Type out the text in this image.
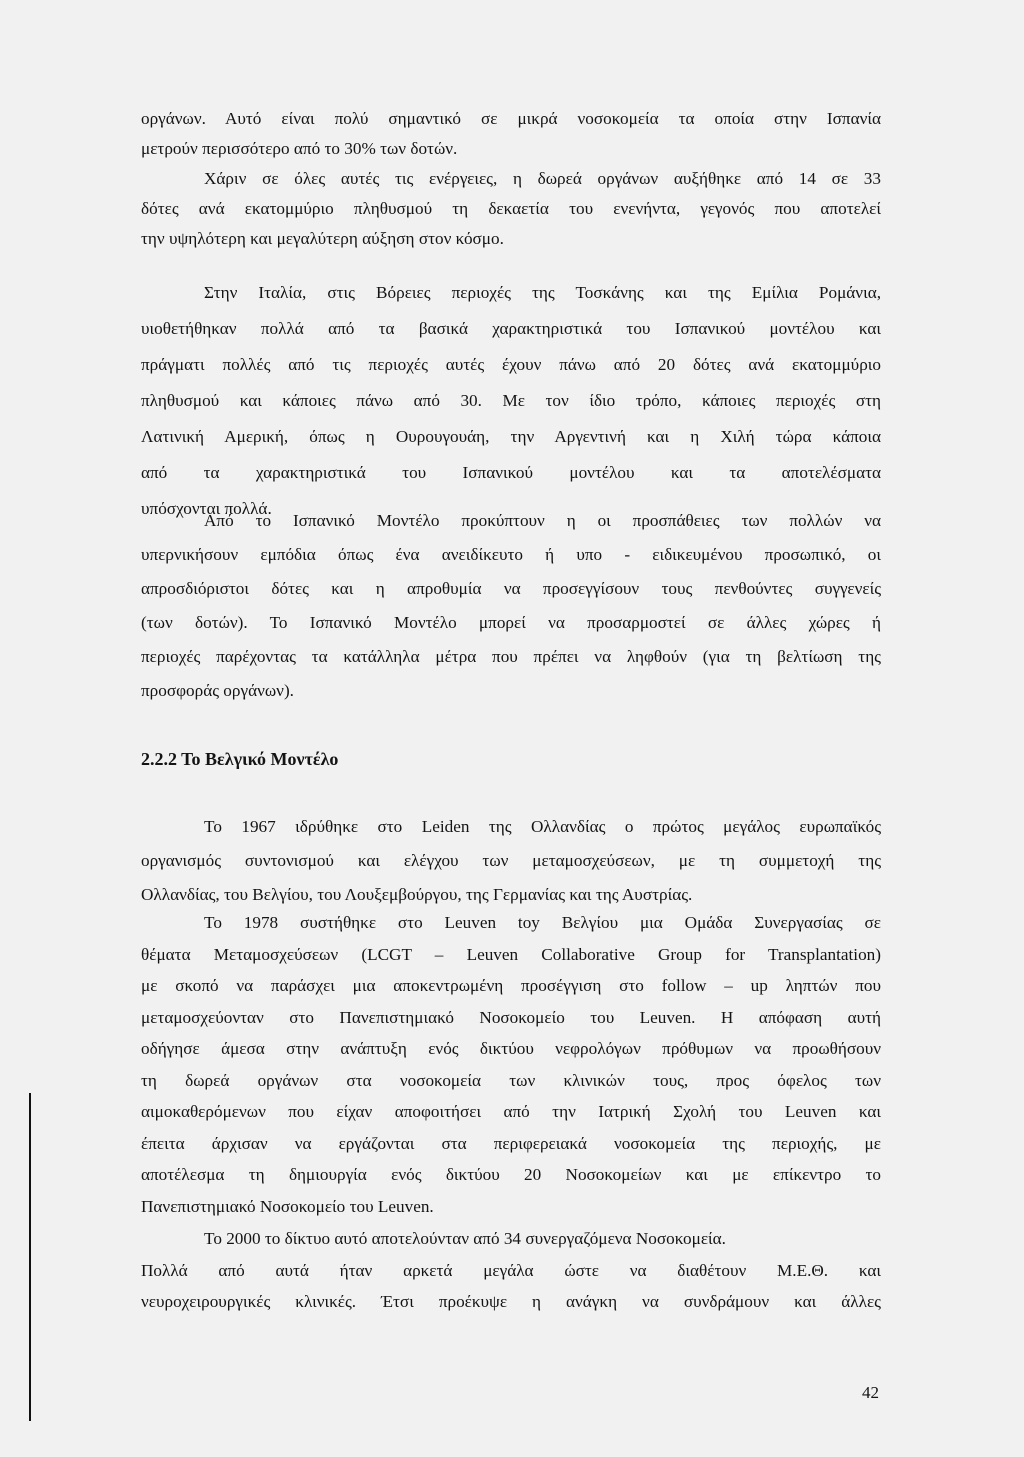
οργάνων. Αυτό είναι πολύ σημαντικό σε μικρά νοσοκομεία τα οποία στην Ισπανία
μετρούν περισσότερο από το 30% των δοτών.
Χάριν σε όλες αυτές τις ενέργειες, η δωρεά οργάνων αυξήθηκε από 14 σε 33
δότες ανά εκατομμύριο πληθυσμού τη δεκαετία του ενενήντα, γεγονός που αποτελεί
την υψηλότερη και μεγαλύτερη αύξηση στον κόσμο.
Στην Ιταλία, στις Βόρειες περιοχές της Τοσκάνης και της Εμίλια Ρομάνια,
υιοθετήθηκαν πολλά από τα βασικά χαρακτηριστικά του Ισπανικού μοντέλου και
πράγματι πολλές από τις περιοχές αυτές έχουν πάνω από 20 δότες ανά εκατομμύριο
πληθυσμού και κάποιες πάνω από 30. Με τον ίδιο τρόπο, κάποιες περιοχές στη
Λατινική Αμερική, όπως η Ουρουγουάη, την Αργεντινή και η Χιλή τώρα κάποια
από τα χαρακτηριστικά του Ισπανικού μοντέλου και τα αποτελέσματα
υπόσχονται πολλά.
Από το Ισπανικό Μοντέλο προκύπτουν η οι προσπάθειες των πολλών να
υπερνικήσουν εμπόδια όπως ένα ανειδίκευτο ή υπο - ειδικευμένου προσωπικό, οι
απροσδιόριστοι δότες και η απροθυμία να προσεγγίσουν τους πενθούντες συγγενείς
(των δοτών). Το Ισπανικό Μοντέλο μπορεί να προσαρμοστεί σε άλλες χώρες ή
περιοχές παρέχοντας τα κατάλληλα μέτρα που πρέπει να ληφθούν (για τη βελτίωση της
προσφοράς οργάνων).
2.2.2 Το Βελγικό Μοντέλο
Το 1967 ιδρύθηκε στο Leiden της Ολλανδίας ο πρώτος μεγάλος ευρωπαϊκός
οργανισμός συντονισμού και ελέγχου των μεταμοσχεύσεων, με τη συμμετοχή της
Ολλανδίας, του Βελγίου, του Λουξεμβούργου, της Γερμανίας και της Αυστρίας.
Το 1978 συστήθηκε στο Leuven toy Βελγίου μια Ομάδα Συνεργασίας σε
θέματα Μεταμοσχεύσεων (LCGT – Leuven Collaborative Group for Transplantation)
με σκοπό να παράσχει μια αποκεντρωμένη προσέγγιση στο follow – up ληπτών που
μεταμοσχεύονταν στο Πανεπιστημιακό Νοσοκομείο του Leuven. Η απόφαση αυτή
οδήγησε άμεσα στην ανάπτυξη ενός δικτύου νεφρολόγων πρόθυμων να προωθήσουν
τη δωρεά οργάνων στα νοσοκομεία των κλινικών τους, προς όφελος των
αιμοκαθερόμενων που είχαν αποφοιτήσει από την Ιατρική Σχολή του Leuven και
έπειτα άρχισαν να εργάζονται στα περιφερειακά νοσοκομεία της περιοχής, με
αποτέλεσμα τη δημιουργία ενός δικτύου 20 Νοσοκομείων και με επίκεντρο το
Πανεπιστημιακό Νοσοκομείο του Leuven.
Το 2000 το δίκτυο αυτό αποτελούνταν από 34 συνεργαζόμενα Νοσοκομεία.
Πολλά από αυτά ήταν αρκετά μεγάλα ώστε να διαθέτουν Μ.Ε.Θ. και
νευροχειρουργικές κλινικές. Έτσι προέκυψε η ανάγκη να συνδράμουν και άλλες
42
